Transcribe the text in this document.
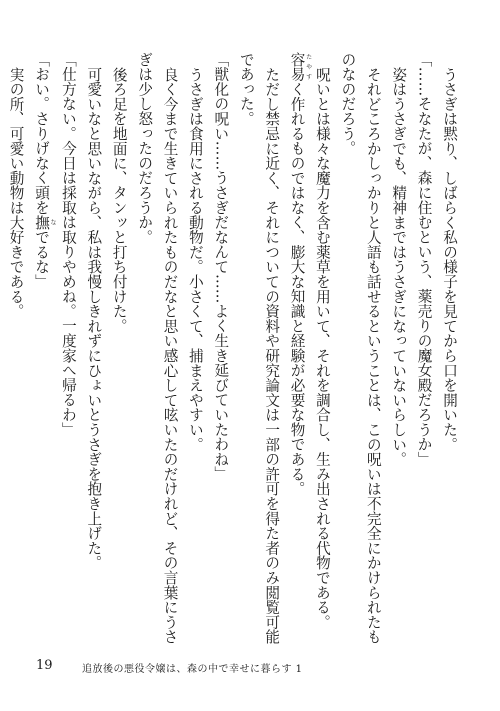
うさぎは黙り、しばらく私の様子を見てから口を開いた。

「……そなたが、森に住むという、薬売りの魔女殿だろうか」

姿はうさぎでも、精神まではうさぎになっていないらしい。

それどころかしっかりと人語も話せるということは、この呪いは不完全にかけられたものなのだろう。

呪いとは様々な魔力を含む薬草を用いて、それを調合し、生み出される代物である。容易 たやすく作れるものではなく、膨大な知識と経験が必要な物である。

ただし禁忌に近く、それについての資料や研究論文は一部の許可を得た者のみ閲覧可能であった。

「獣化の呪い……うさぎだなんて……よく生き延びていたわね」

うさぎは食用にされる動物だ。小さくて、捕まえやすい。

良く今まで生きていられたものだなと思い感心して呟いたのだけれど、その言葉にうさぎは少し怒ったのだろうか。

後ろ足を地面に、タンッと打ち付けた。

可愛いなと思いながら、私は我慢しきれずにひょいとうさぎを抱き上げた。

「仕方ない。今日は採取は取りやめね。一度家へ帰るわ」

「おい。さりげなく頭を撫 なでるな」

実の所、可愛い動物は大好きである。

19	追放後の悪役令嬢は、森の中で幸せに暮らす 1
